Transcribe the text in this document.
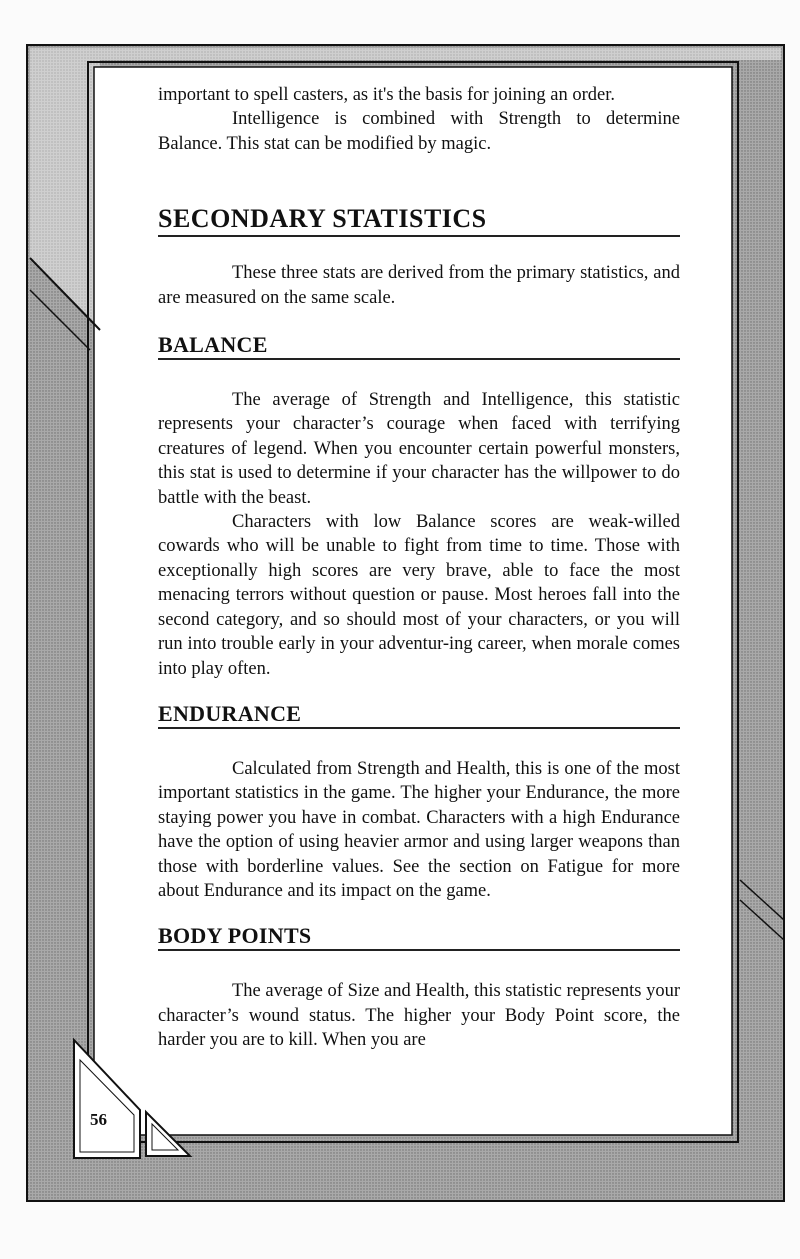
56

important to spell casters, as it's the basis for joining an order.

Intelligence is combined with Strength to determine Balance. This stat can be modified by magic.

SECONDARY STATISTICS

These three stats are derived from the primary statistics, and are measured on the same scale.

BALANCE

The average of Strength and Intelligence, this statistic represents your character’s courage when faced with terrifying creatures of legend. When you encounter certain powerful monsters, this stat is used to determine if your character has the willpower to do battle with the beast.

Characters with low Balance scores are weak-willed cowards who will be unable to fight from time to time. Those with exceptionally high scores are very brave, able to face the most menacing terrors without question or pause. Most heroes fall into the second category, and so should most of your characters, or you will run into trouble early in your adventur-ing career, when morale comes into play often.

ENDURANCE

Calculated from Strength and Health, this is one of the most important statistics in the game. The higher your Endurance, the more staying power you have in combat. Characters with a high Endurance have the option of using heavier armor and using larger weapons than those with borderline values. See the section on Fatigue for more about Endurance and its impact on the game.

BODY POINTS

The average of Size and Health, this statistic represents your character’s wound status. The higher your Body Point score, the harder you are to kill. When you are
